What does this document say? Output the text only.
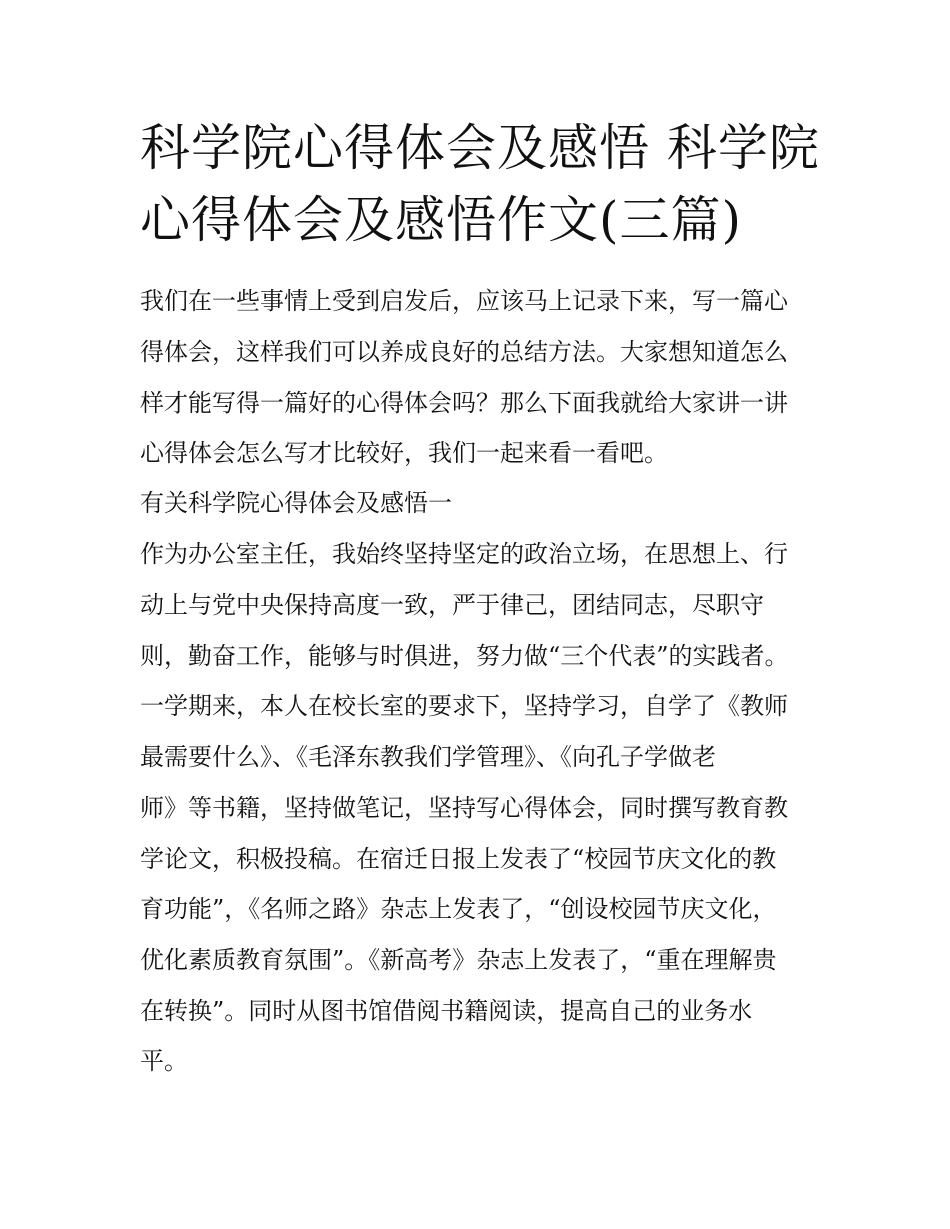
科学院心得体会及感悟 科学院
心得体会及感悟作文(三篇)
我们在一些事情上受到启发后，应该马上记录下来，写一篇心
得体会，这样我们可以养成良好的总结方法。大家想知道怎么
样才能写得一篇好的心得体会吗？那么下面我就给大家讲一讲
心得体会怎么写才比较好，我们一起来看一看吧。
有关科学院心得体会及感悟一
作为办公室主任，我始终坚持坚定的政治立场，在思想上、行
动上与党中央保持高度一致，严于律己，团结同志，尽职守
则，勤奋工作，能够与时俱进，努力做“三个代表”的实践者。
一学期来，本人在校长室的要求下，坚持学习，自学了《教师
最需要什么》、《毛泽东教我们学管理》、《向孔子学做老
师》等书籍，坚持做笔记，坚持写心得体会，同时撰写教育教
学论文，积极投稿。在宿迁日报上发表了“校园节庆文化的教
育功能”，《名师之路》杂志上发表了，“创设校园节庆文化，
优化素质教育氛围”。《新高考》杂志上发表了，“重在理解贵
在转换”。同时从图书馆借阅书籍阅读，提高自己的业务水
平。
